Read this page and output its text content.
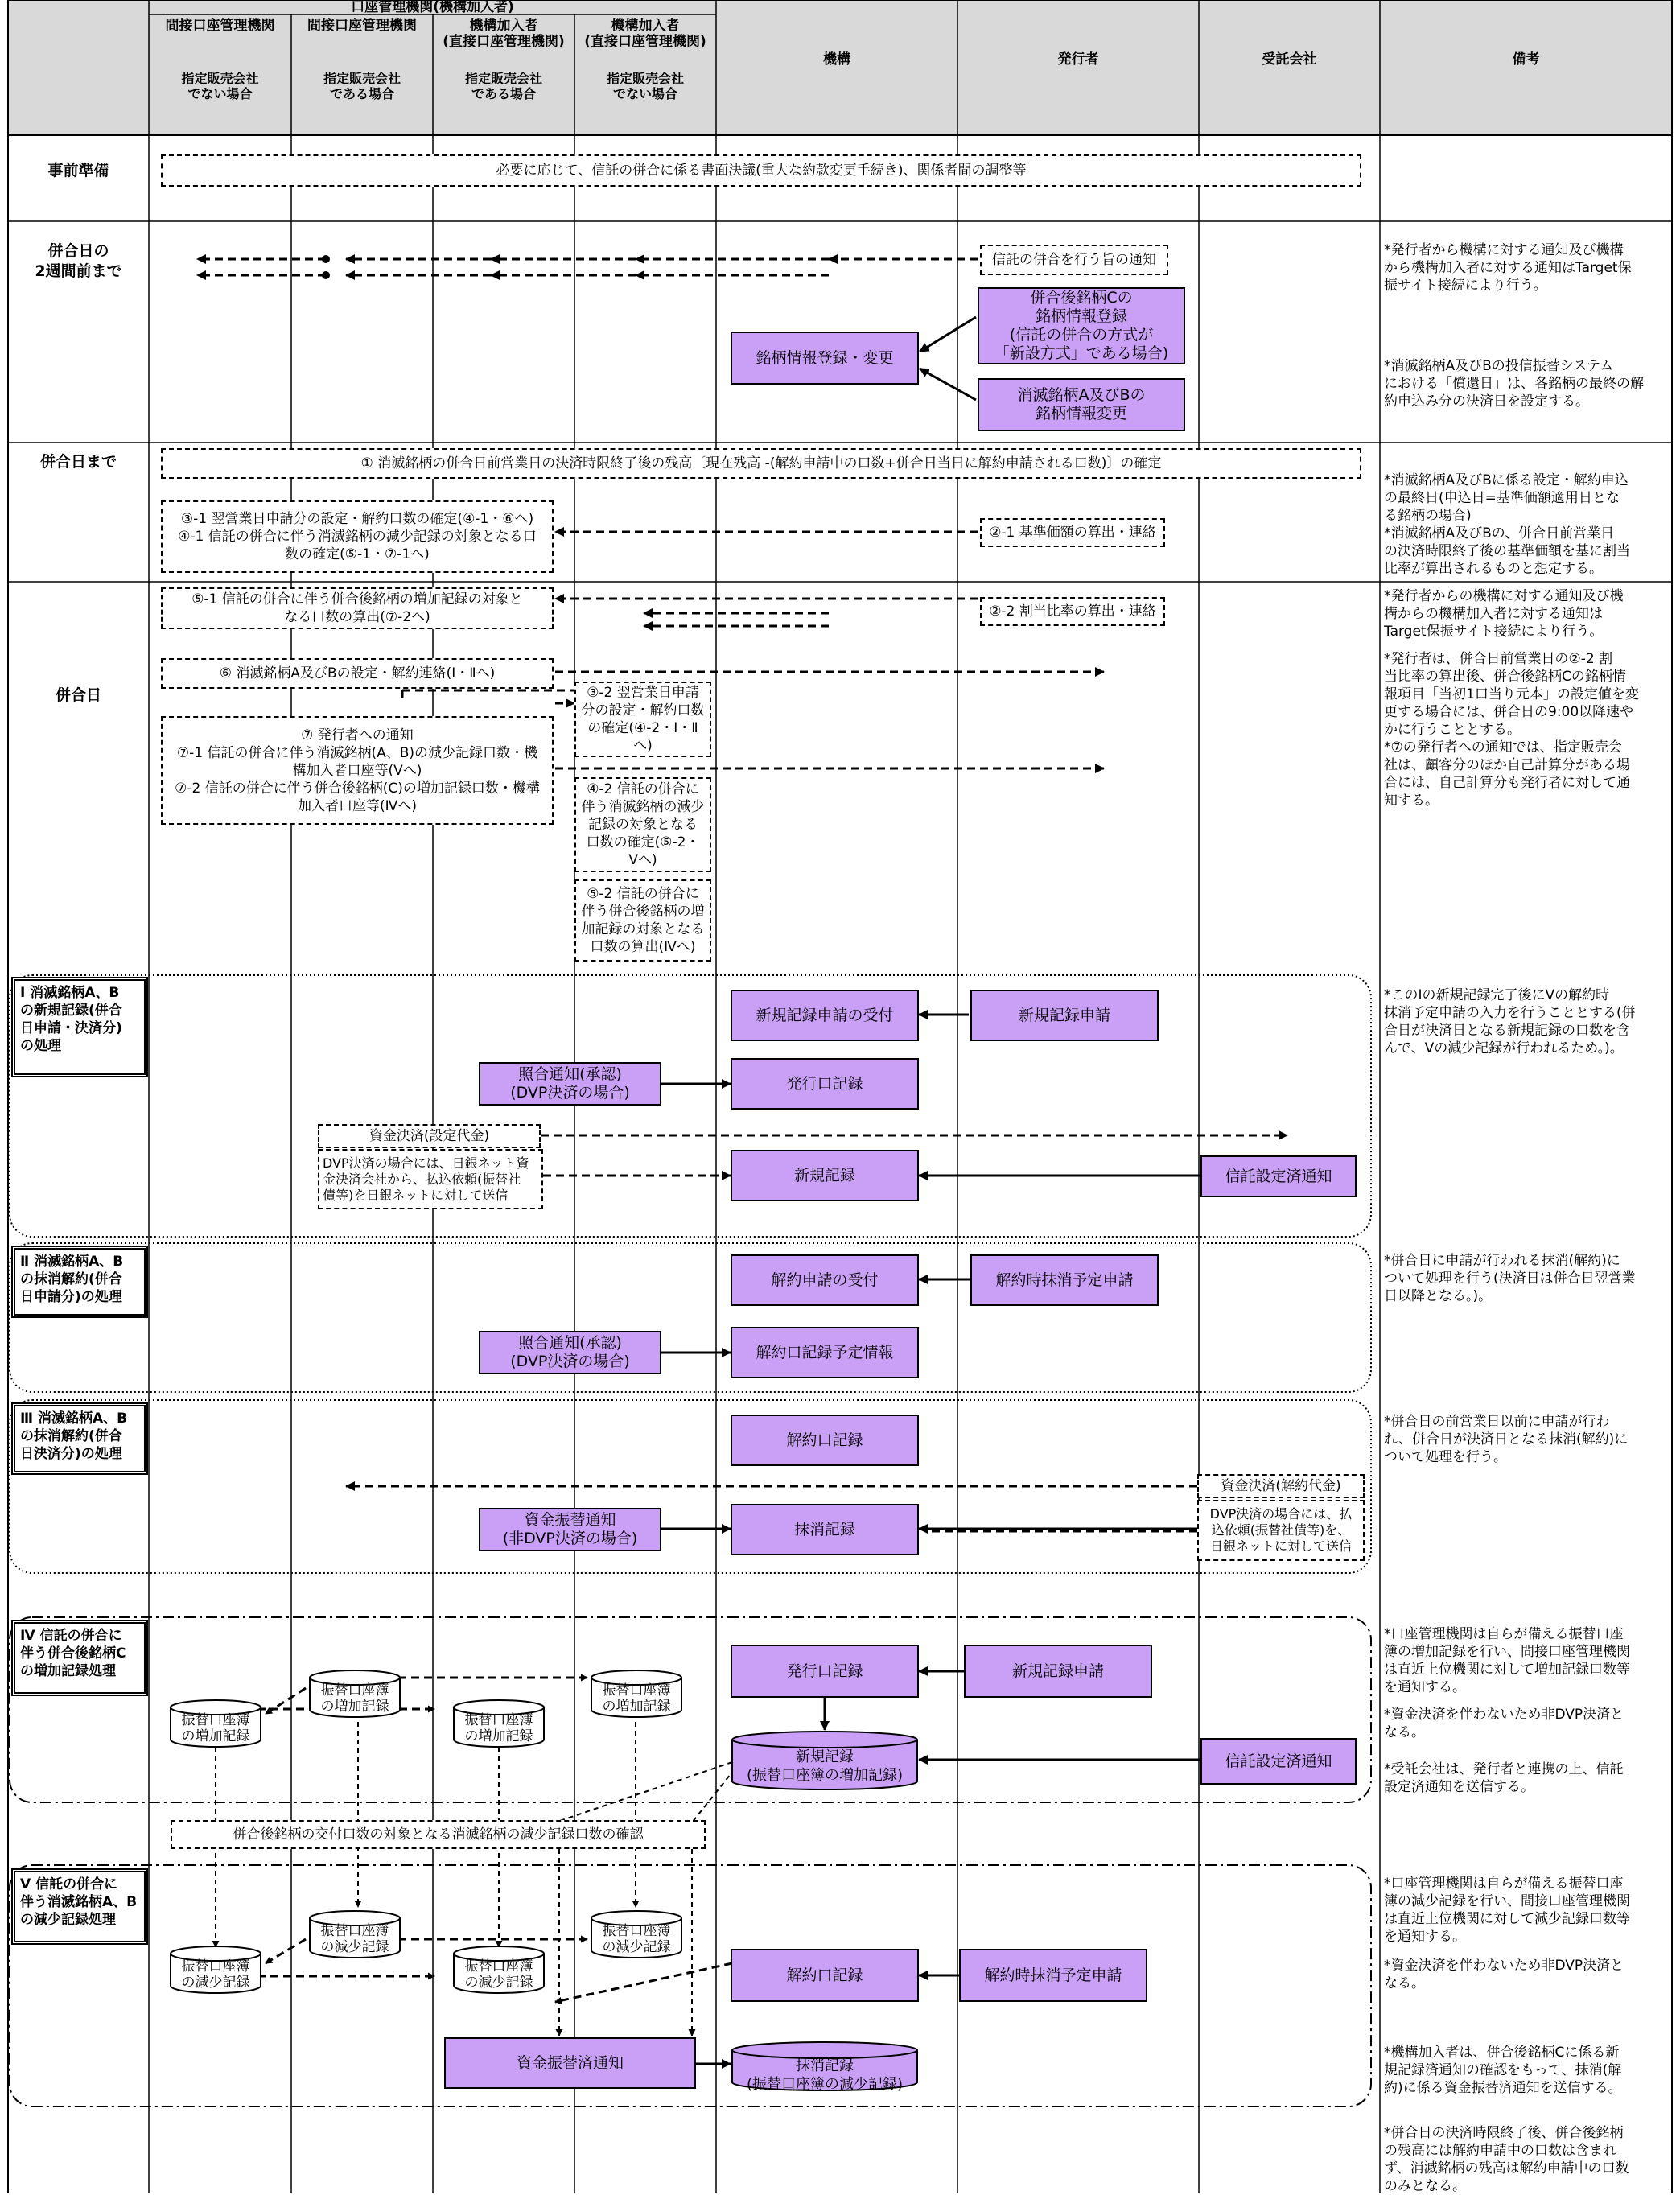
口座管理機関(機構加入者)
間接口座管理機関
指定販売会社
でない場合
間接口座管理機関
指定販売会社
である場合
機構加入者
(直接口座管理機関)
指定販売会社
である場合
機構加入者
(直接口座管理機関)
指定販売会社
でない場合
機構	発行者	受託会社	備考
事前準備
併合日の
2週間前まで
併合日まで
併合日
Ⅰ 消滅銘柄A、B
の新規記録(併合
日申請・決済分)
の処理
Ⅱ 消滅銘柄A、B
の抹消解約(併合
日申請分)の処理
Ⅲ 消滅銘柄A、B
の抹消解約(併合
日決済分)の処理
Ⅳ 信託の併合に
伴う併合後銘柄C
の増加記録処理
Ⅴ 信託の併合に
伴う消滅銘柄A、B
の減少記録処理
必要に応じて、信託の併合に係る書面決議(重大な約款変更手続き)、関係者間の調整等
信託の併合を行う旨の通知
併合後銘柄Cの
銘柄情報登録
(信託の併合の方式が
「新設方式」である場合)
銘柄情報登録・変更
消滅銘柄A及びBの
銘柄情報変更
① 消滅銘柄の併合日前営業日の決済時限終了後の残高〔現在残高 -(解約申請中の口数+併合日当日に解約申請される口数)〕の確定
③-1 翌営業日申請分の設定・解約口数の確定(④-1・⑥へ)
④-1 信託の併合に伴う消滅銘柄の減少記録の対象となる口
数の確定(⑤-1・⑦-1へ)
②-1 基準価額の算出・連絡
⑤-1 信託の併合に伴う併合後銘柄の増加記録の対象と
なる口数の算出(⑦-2へ)	②-2 割当比率の算出・連絡
⑥ 消滅銘柄A及びBの設定・解約連絡(Ⅰ・Ⅱへ)
⑦ 発行者への通知
⑦-1 信託の併合に伴う消滅銘柄(A、B)の減少記録口数・機
構加入者口座等(Ⅴへ)
⑦-2 信託の併合に伴う併合後銘柄(C)の増加記録口数・機構
加入者口座等(Ⅳへ)
③-2 翌営業日申請
分の設定・解約口数
の確定(④-2・Ⅰ・Ⅱ
へ)
④-2 信託の併合に
伴う消滅銘柄の減少
記録の対象となる
口数の確定(⑤-2・
Ⅴへ)
⑤-2 信託の併合に
伴う併合後銘柄の増
加記録の対象となる
口数の算出(Ⅳへ)
新規記録申請の受付	新規記録申請
照合通知(承認)
(DVP決済の場合)
発行口記録
資金決済(設定代金)
DVP決済の場合には、日銀ネット資
金決済会社から、払込依頼(振替社
債等)を日銀ネットに対して送信
新規記録	信託設定済通知
解約申請の受付	解約時抹消予定申請
照合通知(承認)
(DVP決済の場合)
解約口記録予定情報
解約口記録
資金決済(解約代金)
DVP決済の場合には、払
込依頼(振替社債等)を、
日銀ネットに対して送信
資金振替通知
(非DVP決済の場合)
抹消記録
発行口記録	新規記録申請
信託設定済通知
振替口座簿
の増加記録
振替口座簿
の増加記録
振替口座簿
の増加記録
振替口座簿
の増加記録
振替口座簿
の減少記録
振替口座簿
の減少記録
振替口座簿
の減少記録
振替口座簿
の減少記録
新規記録
(振替口座簿の増加記録)
抹消記録
(振替口座簿の減少記録)
併合後銘柄の交付口数の対象となる消滅銘柄の減少記録口数の確認
解約口記録	解約時抹消予定申請
資金振替済通知
*発行者から機構に対する通知及び機構
から機構加入者に対する通知はTarget保
振サイト接続により行う。
*消滅銘柄A及びBの投信振替システム
における「償還日」は、各銘柄の最終の解
約申込み分の決済日を設定する。
*消滅銘柄A及びBに係る設定・解約申込
の最終日(申込日=基準価額適用日とな
る銘柄の場合)
*消滅銘柄A及びBの、併合日前営業日
の決済時限終了後の基準価額を基に割当
比率が算出されるものと想定する。
*発行者からの機構に対する通知及び機
構からの機構加入者に対する通知は
Target保振サイト接続により行う。
*発行者は、併合日前営業日の②-2 割
当比率の算出後、併合後銘柄Cの銘柄情
報項目「当初1口当り元本」の設定値を変
更する場合には、併合日の9:00以降速や
かに行うこととする。
*⑦の発行者への通知では、指定販売会
社は、顧客分のほか自己計算分がある場
合には、自己計算分も発行者に対して通
知する。
*このⅠの新規記録完了後にⅤの解約時
抹消予定申請の入力を行うこととする(併
合日が決済日となる新規記録の口数を含
んで、Ⅴの減少記録が行われるため。)。
*併合日に申請が行われる抹消(解約)に
ついて処理を行う(決済日は併合日翌営業
日以降となる。)。
*併合日の前営業日以前に申請が行わ
れ、併合日が決済日となる抹消(解約)に
ついて処理を行う。
*口座管理機関は自らが備える振替口座
簿の増加記録を行い、間接口座管理機関
は直近上位機関に対して増加記録口数等
を通知する。
*資金決済を伴わないため非DVP決済と
なる。
*受託会社は、発行者と連携の上、信託
設定済通知を送信する。
*口座管理機関は自らが備える振替口座
簿の減少記録を行い、間接口座管理機関
は直近上位機関に対して減少記録口数等
を通知する。
*資金決済を伴わないため非DVP決済と
なる。
*機構加入者は、併合後銘柄Cに係る新
規記録済通知の確認をもって、抹消(解
約)に係る資金振替済通知を送信する。
*併合日の決済時限終了後、併合後銘柄
の残高には解約申請中の口数は含まれ
ず、消滅銘柄の残高は解約申請中の口数
のみとなる。
